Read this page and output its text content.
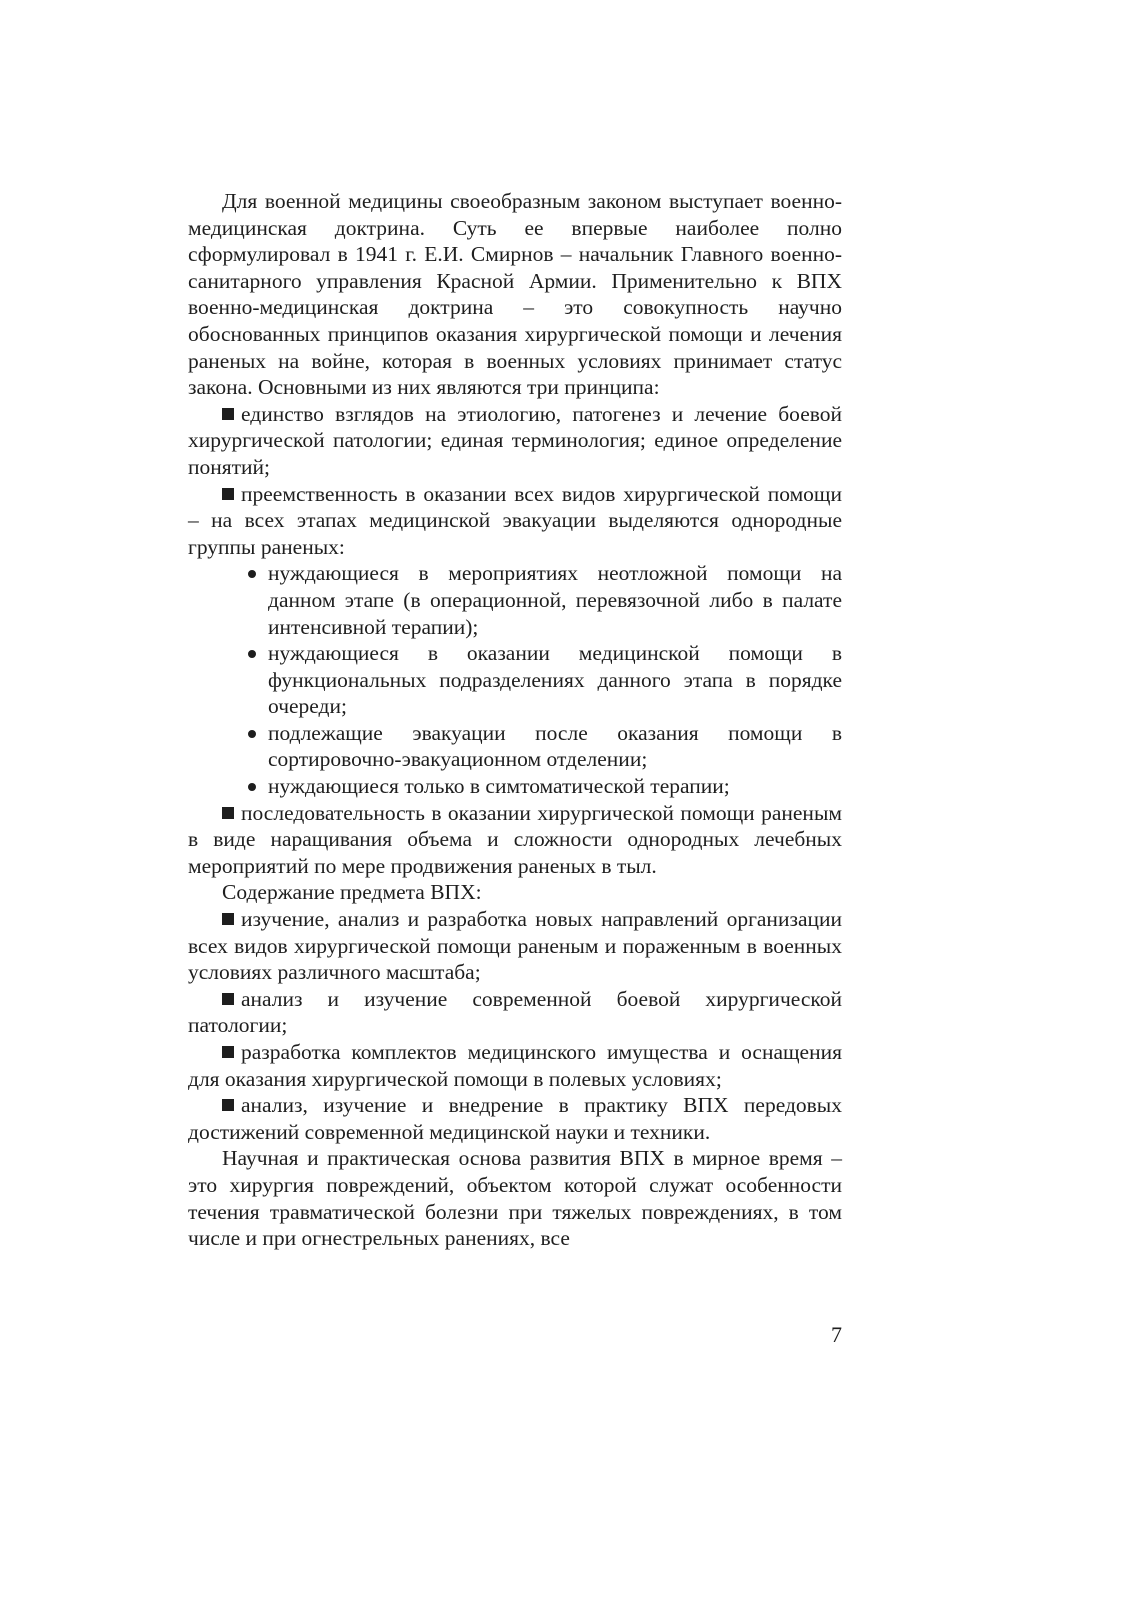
Для военной медицины своеобразным законом выступает военно-медицинская доктрина. Суть ее впервые наиболее полно сформулировал в 1941 г. Е.И. Смирнов – начальник Главного военно-санитарного управления Красной Армии. Применительно к ВПХ военно-медицинская доктрина – это совокупность научно обоснованных принципов оказания хирургической помощи и лечения раненых на войне, которая в военных условиях принимает статус закона. Основными из них являются три принципа:

единство взглядов на этиологию, патогенез и лечение боевой хирургической патологии; единая терминология; единое определение понятий;

преемственность в оказании всех видов хирургической помощи – на всех этапах медицинской эвакуации выделяются однородные группы раненых:

нуждающиеся в мероприятиях неотложной помощи на данном этапе (в операционной, перевязочной либо в палате интенсивной терапии);
нуждающиеся в оказании медицинской помощи в функциональных подразделениях данного этапа в порядке очереди;
подлежащие эвакуации после оказания помощи в сортировочно-эвакуационном отделении;
нуждающиеся только в симтоматической терапии;

последовательность в оказании хирургической помощи раненым в виде наращивания объема и сложности однородных лечебных мероприятий по мере продвижения раненых в тыл.

Содержание предмета ВПХ:

изучение, анализ и разработка новых направлений организации всех видов хирургической помощи раненым и пораженным в военных условиях различного масштаба;

анализ и изучение современной боевой хирургической патологии;

разработка комплектов медицинского имущества и оснащения для оказания хирургической помощи в полевых условиях;

анализ, изучение и внедрение в практику ВПХ передовых достижений современной медицинской науки и техники.

Научная и практическая основа развития ВПХ в мирное время – это хирургия повреждений, объектом которой служат особенности течения травматической болезни при тяжелых повреждениях, в том числе и при огнестрельных ранениях, все

7
